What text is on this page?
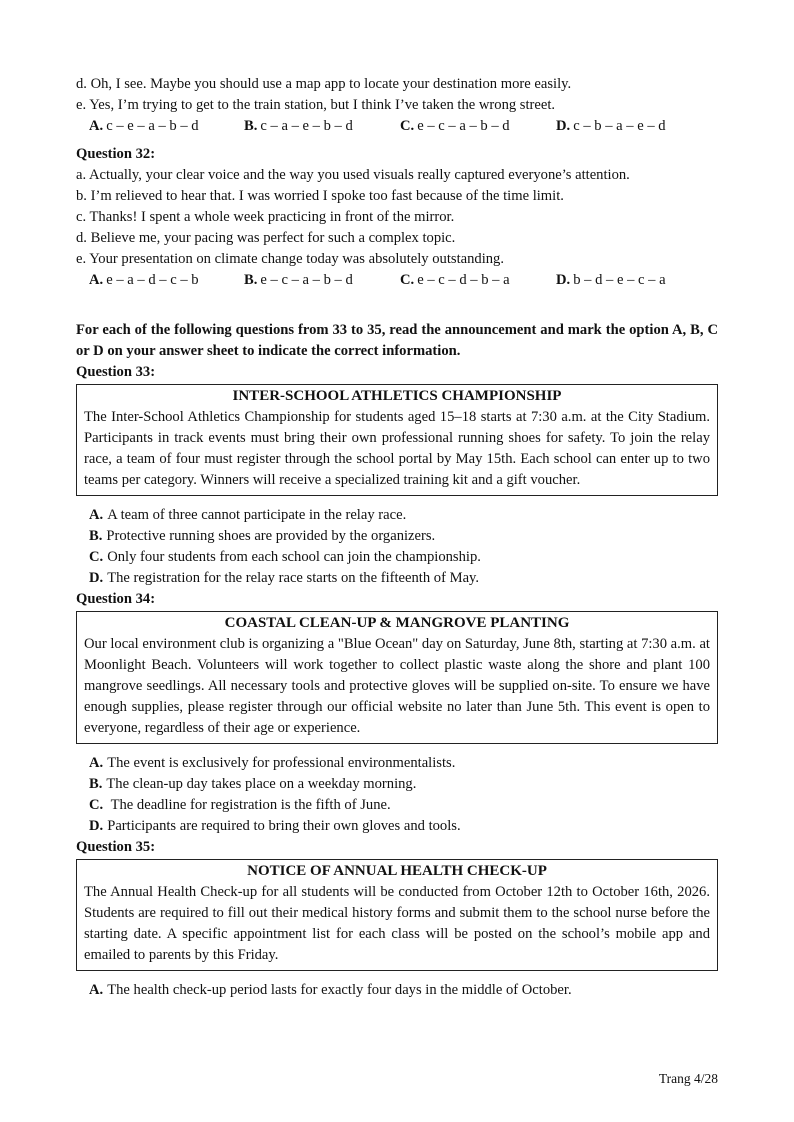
d. Oh, I see. Maybe you should use a map app to locate your destination more easily.
e. Yes, I’m trying to get to the train station, but I think I’ve taken the wrong street.
A. c – e – a – b – d	B. c – a – e – b – d	C. e – c – a – b – d	D. c – b – a – e – d
Question 32:
a. Actually, your clear voice and the way you used visuals really captured everyone’s attention.
b. I’m relieved to hear that. I was worried I spoke too fast because of the time limit.
c. Thanks! I spent a whole week practicing in front of the mirror.
d. Believe me, your pacing was perfect for such a complex topic.
e. Your presentation on climate change today was absolutely outstanding.
A. e – a – d – c – b	B. e – c – a – b – d	C. e – c – d – b – a	D. b – d – e – c – a
For each of the following questions from 33 to 35, read the announcement and mark the option A, B, C or D on your answer sheet to indicate the correct information.
Question 33:
INTER-SCHOOL ATHLETICS CHAMPIONSHIP
The Inter-School Athletics Championship for students aged 15–18 starts at 7:30 a.m. at the City Stadium. Participants in track events must bring their own professional running shoes for safety. To join the relay race, a team of four must register through the school portal by May 15th. Each school can enter up to two teams per category. Winners will receive a specialized training kit and a gift voucher.
A. A team of three cannot participate in the relay race.
B. Protective running shoes are provided by the organizers.
C. Only four students from each school can join the championship.
D. The registration for the relay race starts on the fifteenth of May.
Question 34:
COASTAL CLEAN-UP & MANGROVE PLANTING
Our local environment club is organizing a "Blue Ocean" day on Saturday, June 8th, starting at 7:30 a.m. at Moonlight Beach. Volunteers will work together to collect plastic waste along the shore and plant 100 mangrove seedlings. All necessary tools and protective gloves will be supplied on-site. To ensure we have enough supplies, please register through our official website no later than June 5th. This event is open to everyone, regardless of their age or experience.
A. The event is exclusively for professional environmentalists.
B. The clean-up day takes place on a weekday morning.
C. The deadline for registration is the fifth of June.
D. Participants are required to bring their own gloves and tools.
Question 35:
NOTICE OF ANNUAL HEALTH CHECK-UP
The Annual Health Check-up for all students will be conducted from October 12th to October 16th, 2026. Students are required to fill out their medical history forms and submit them to the school nurse before the starting date. A specific appointment list for each class will be posted on the school’s mobile app and emailed to parents by this Friday.
A. The health check-up period lasts for exactly four days in the middle of October.
Trang 4/28
